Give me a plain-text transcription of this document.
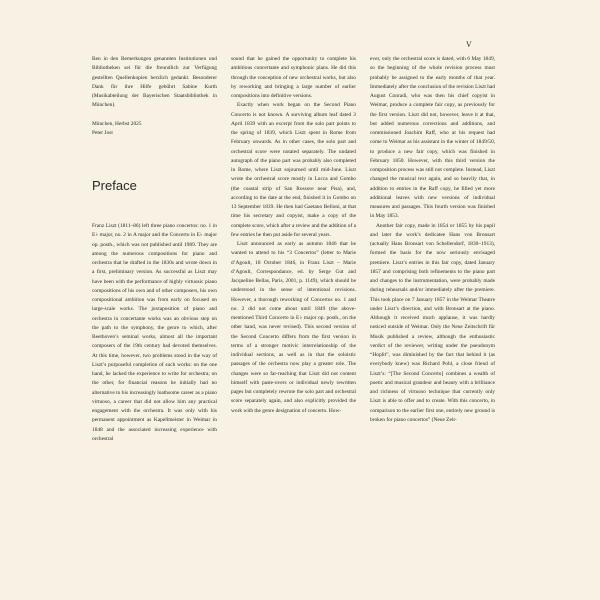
V

Ben in den Bemerkungen genannten Institutionen und Bibliotheken sei für die freundlich zur Verfügung gestellten Quellenkopien herzlich gedankt. Besonderer Dank für ihre Hilfe gebührt Sabine Kurth (Musikabteilung der Bayerischen Staatsbibliothek in München).

München, Herbst 2025

Peter Jost

Preface

Franz Liszt (1811–86) left three piano concertos: no. 1 in E♭ major, no. 2 in A major and the Concerto in E♭ major op. posth., which was not published until 1989. They are among the numerous compositions for piano and orchestra that he drafted in the 1830s and wrote down in a first, preliminary version. As successful as Liszt may have been with the performance of highly virtuosic piano compositions of his own and of other composers, his own compositional ambition was from early on focused on large-scale works. The juxtaposition of piano and orchestra in concertante works was an obvious step on the path to the symphony, the genre to which, after Beethoven’s seminal works, almost all the important composers of the 19th century had devoted themselves. At this time, however, two problems stood in the way of Liszt’s purposeful completion of such works: on the one hand, he lacked the experience to write for orchestra; on the other, for financial reasons he initially had no alternative to his increasingly loathsome career as a piano virtuoso, a career that did not allow him any practical engagement with the orchestra. It was only with his permanent appointment as Kapellmeister in Weimar in 1848 and the associated increasing experience with orchestral

sound that he gained the opportunity to complete his ambitious concertante and symphonic plans. He did this through the conception of new orchestral works, but also by reworking and bringing a large number of earlier compositions into definitive versions.

Exactly when work began on the Second Piano Concerto is not known. A surviving album leaf dated 3 April 1839 with an excerpt from the solo part points to the spring of 1839, which Liszt spent in Rome from February onwards. As in other cases, the solo part and orchestral score were notated separately. The undated autograph of the piano part was probably also completed in Rome, where Liszt sojourned until mid-June. Liszt wrote the orchestral score mostly in Lucca and Gombo (the coastal strip of San Rossore near Pisa), and, according to the date at the end, finished it in Gombo on 13 September 1839. He then had Gaetano Belloni, at that time his secretary and copyist, make a copy of the complete score, which after a review and the addition of a few entries he then put aside for several years.

Liszt announced as early as autumn 1846 that he wanted to attend to his “3 Concertos” (letter to Marie d’Agoult, 18 October 1846, in Franz Liszt – Marie d’Agoult, Correspondance, ed. by Serge Gut and Jacqueline Bellas, Paris, 2001, p. 1149), which should be understood in the sense of intentional revisions. However, a thorough reworking of Concertos no. 1 and no. 2 did not come about until 1849 (the above-mentioned Third Concerto in E♭ major op. posth., on the other hand, was never revised). This second version of the Second Concerto differs from the first version in terms of a stronger motivic interrelationship of the individual sections, as well as in that the soloistic passages of the orchestra now play a greater role. The changes were so far-reaching that Liszt did not content himself with paste-overs or individual newly rewritten pages but completely rewrote the solo part and orchestral score separately again, and also explicitly provided the work with the genre designation of concerto. How-

ever, only the orchestral score is dated, with 6 May 1849, so the beginning of the whole revision process must probably be assigned to the early months of that year. Immediately after the conclusion of the revision Liszt had August Conradi, who was then his chief copyist in Weimar, produce a complete fair copy, as previously for the first version. Liszt did not, however, leave it at that, but added numerous corrections and additions, and commissioned Joachim Raff, who at his request had come to Weimar as his assistant in the winter of 1849/50, to produce a new fair copy, which was finished in February 1850. However, with this third version the composition process was still not complete. Instead, Liszt changed the musical text again, and so heavily that, in addition to entries in the Raff copy, he filled yet more additional leaves with new versions of individual measures and passages. This fourth version was finished in May 1853.

Another fair copy, made in 1854 or 1855 by his pupil and later the work’s dedicatee Hans von Bronsart (actually Hans Bronsart von Schellendorf, 1830–1913), formed the basis for the now seriously envisaged premiere. Liszt’s entries in this fair copy, dated January 1857 and comprising both refinements to the piano part and changes to the instrumentation, were probably made during rehearsals and/or immediately after the premiere. This took place on 7 January 1857 in the Weimar Theatre under Liszt’s direction, and with Bronsart at the piano. Although it received much applause, it was hardly noticed outside of Weimar. Only the Neue Zeitschrift für Musik published a review, although the enthusiastic verdict of the reviewer, writing under the pseudonym “Hoplit”, was diminished by the fact that behind it (as everybody knew) was Richard Pohl, a close friend of Liszt’s: “[The Second Concerto] combines a wealth of poetic and musical grandeur and beauty with a brilliance and richness of virtuoso technique that currently only Liszt is able to offer and to create. With this concerto, in comparison to the earlier first one, entirely new ground is broken for piano concertos” (Neue Zeit-
